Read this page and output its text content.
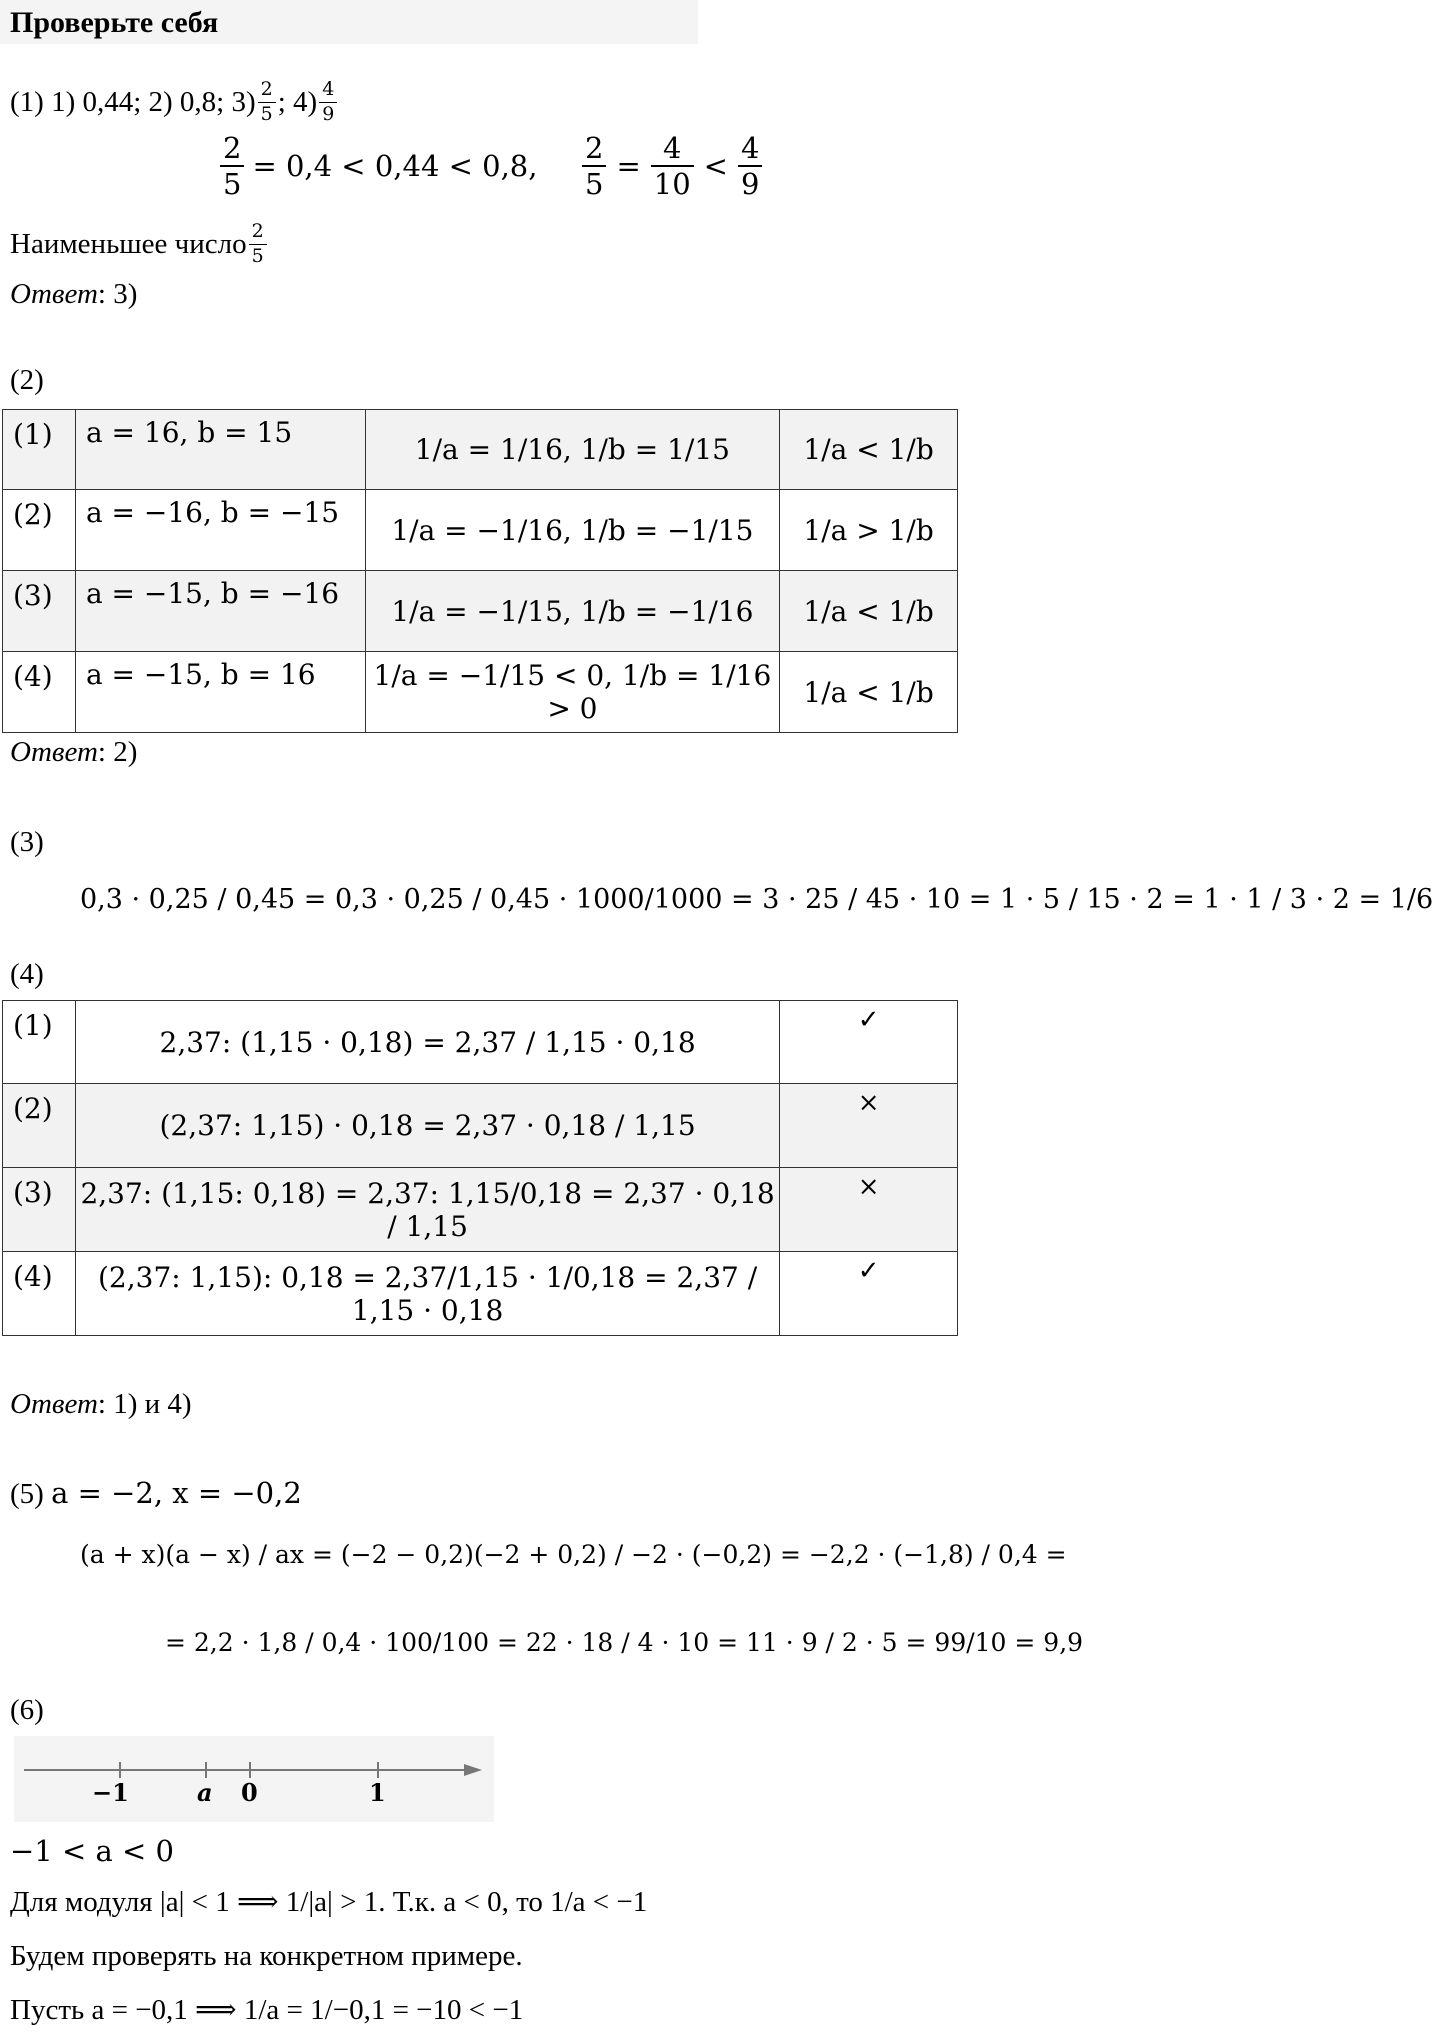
Проверьте себя
(1) 1) 0,44; 2) 0,8; $3) \frac{2}{5}$ ; $4) \frac{4}{9}$
$\frac{2}{5} = 0,4 < 0,44 < 0,8$, $\frac{2}{5} = \frac{4}{10} < \frac{4}{9}$
Наименьшее число $\frac{2}{5}$
Ответ: 3)
(2)
(1)	a = 16, b = 15	1/a = 1/16, 1/b = 1/15	1/a < 1/b
(2)	a = −16, b = −15	1/a = −1/16, 1/b = −1/15	1/a > 1/b
(3)	a = −15, b = −16	1/a = −1/15, 1/b = −1/16	1/a < 1/b
(4)	a = −15, b = 16	1/a = −1/15 < 0, 1/b = 1/16 > 0	1/a < 1/b
Ответ: 2)
(3)
0,3 · 0,25 / 0,45 = 0,3 · 0,25 / 0,45 · 1000/1000 = 3 · 25 / 45 · 10 = 1 · 5 / 15 · 2 = 1 · 1 / 3 · 2 = 1/6
(4)
(1)	2,37: (1,15 · 0,18) = 2,37 / 1,15 · 0,18	✓
(2)	(2,37: 1,15) · 0,18 = 2,37 · 0,18 / 1,15	×
(3)	2,37: (1,15: 0,18) = 2,37: 1,15/0,18 = 2,37 · 0,18 / 1,15	×
(4)	(2,37: 1,15): 0,18 = 2,37/1,15 · 1/0,18 = 2,37 / 1,15 · 0,18	✓
Ответ: 1) и 4)
(5) a = −2, x = −0,2
(a + x)(a − x) / ax = (−2 − 0,2)(−2 + 0,2) / −2 · (−0,2) = −2,2 · (−1,8) / 0,4 =
= 2,2 · 1,8 / 0,4 · 100/100 = 22 · 18 / 4 · 10 = 11 · 9 / 2 · 5 = 99/10 = 9,9
(6)
−1	a 0	1
−1 < a < 0
Для модуля |a| < 1 ⟹ 1/|a| > 1. Т.к. a < 0, то 1/a < −1
Будем проверять на конкретном примере.
Пусть a = −0,1 ⟹ 1/a = 1/−0,1 = −10 < −1
